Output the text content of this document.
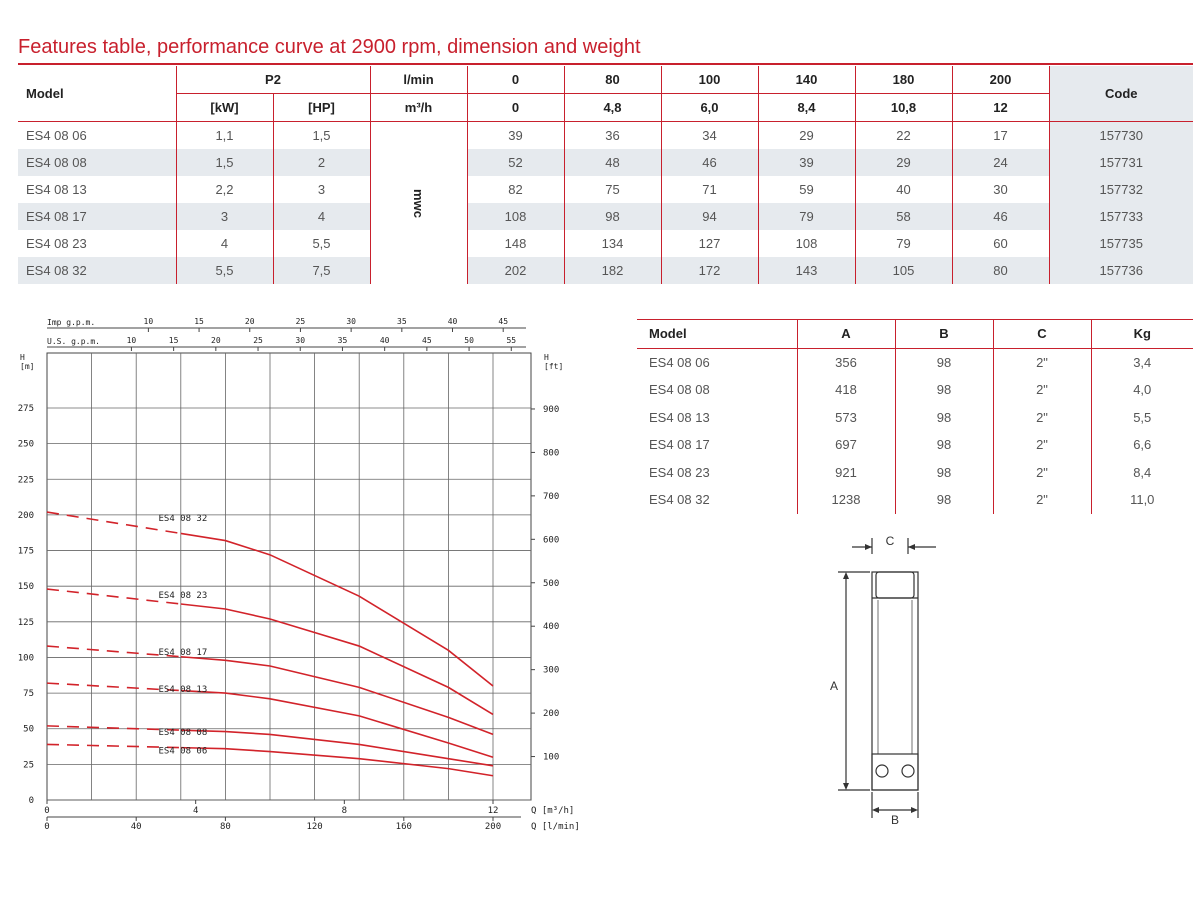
Features table, performance curve at 2900 rpm, dimension and weight
Model	P2		l/min	0	80	100	140	180	200	Code
	[kW]	[HP]	m³/h	0	4,8	6,0	8,4	10,8	12	
ES4 08 06	1,1	1,5	mwc	39	36	34	29	22	17	157730
ES4 08 08	1,5	2		52	48	46	39	29	24	157731
ES4 08 13	2,2	3		82	75	71	59	40	30	157732
ES4 08 17	3	4		108	98	94	79	58	46	157733
ES4 08 23	4	5,5		148	134	127	108	79	60	157735
ES4 08 32	5,5	7,5		202	182	172	143	105	80	157736
Model	A	B	C	Kg
ES4 08 06	356	98	2"	3,4
ES4 08 08	418	98	2"	4,0
ES4 08 13	573	98	2"	5,5
ES4 08 17	697	98	2"	6,6
ES4 08 23	921	98	2"	8,4
ES4 08 32	1238	98	2"	11,0
0
25
50
75
100
125
150
175
200
225
250
275
H [m]
H [ft]
100
200
300
400
500
600
700
800
900
0	4	8	12	Q [m³/h]
0	40	80	120	160	200	Q [l/min]
Imp g.p.m.	10	15	20	25	30	35	40	45
U.S. g.p.m.	10	15	20	25	30	35	40	45	50	55
ES4 08 32
ES4 08 23
ES4 08 17
ES4 08 13
ES4 08 08
ES4 08 06
C
A
B
